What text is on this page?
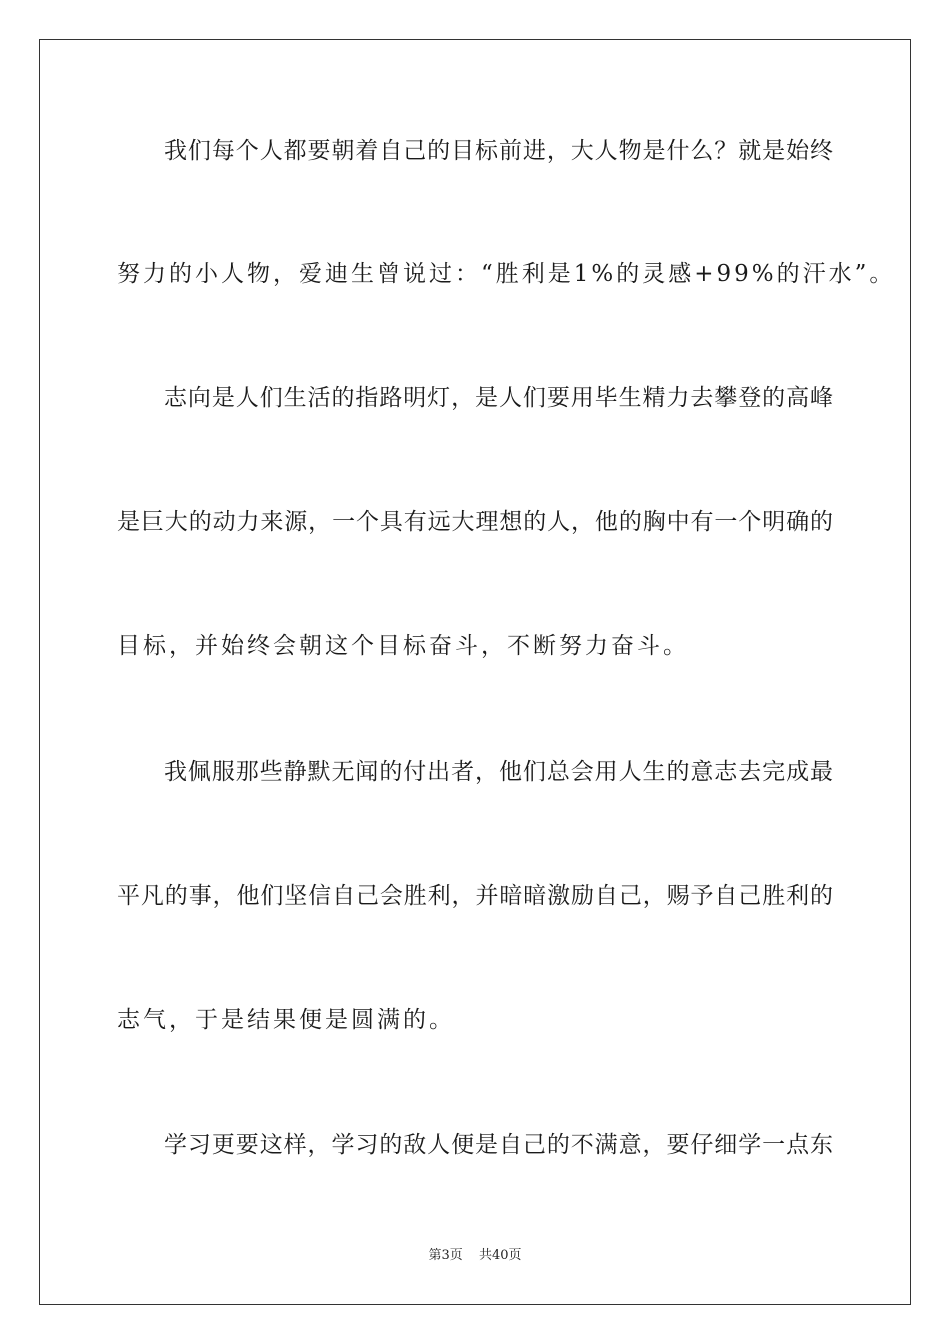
我们每个人都要朝着自己的目标前进，大人物是什么？就是始终
努力的小人物，爱迪生曾说过：“胜利是1%的灵感+99%的汗水”。
志向是人们生活的指路明灯，是人们要用毕生精力去攀登的高峰
是巨大的动力来源，一个具有远大理想的人，他的胸中有一个明确的
目标，并始终会朝这个目标奋斗，不断努力奋斗。
我佩服那些静默无闻的付出者，他们总会用人生的意志去完成最
平凡的事，他们坚信自己会胜利，并暗暗激励自己，赐予自己胜利的
志气，于是结果便是圆满的。
学习更要这样，学习的敌人便是自己的不满意，要仔细学一点东
第3页 共40页
